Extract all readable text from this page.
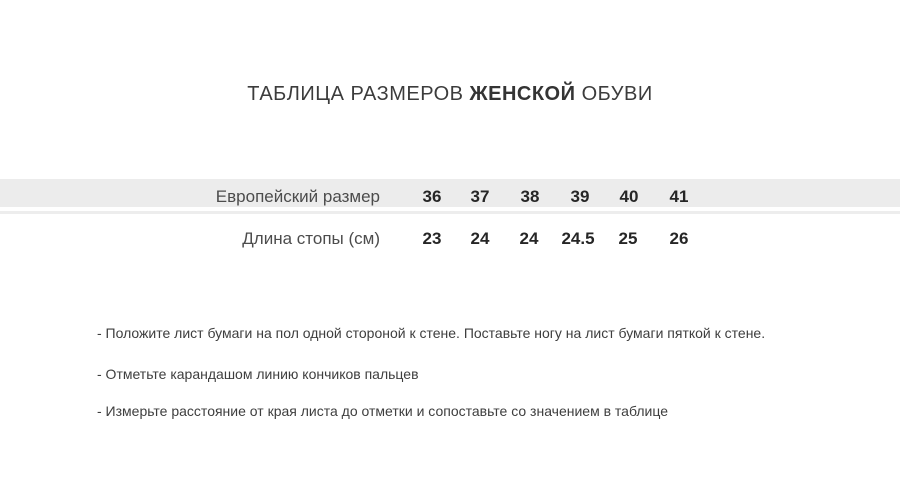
ТАБЛИЦА РАЗМЕРОВ ЖЕНСКОЙ ОБУВИ
Европейский размер	36 37 38 39 40 41
Длина стопы (см)	23 24 24 24.5 25 26

- Положите лист бумаги на пол одной стороной к стене. Поставьте ногу на лист бумаги пяткой к стене.

- Отметьте карандашом линию кончиков пальцев

- Измерьте расстояние от края листа до отметки и сопоставьте со значением в таблице
